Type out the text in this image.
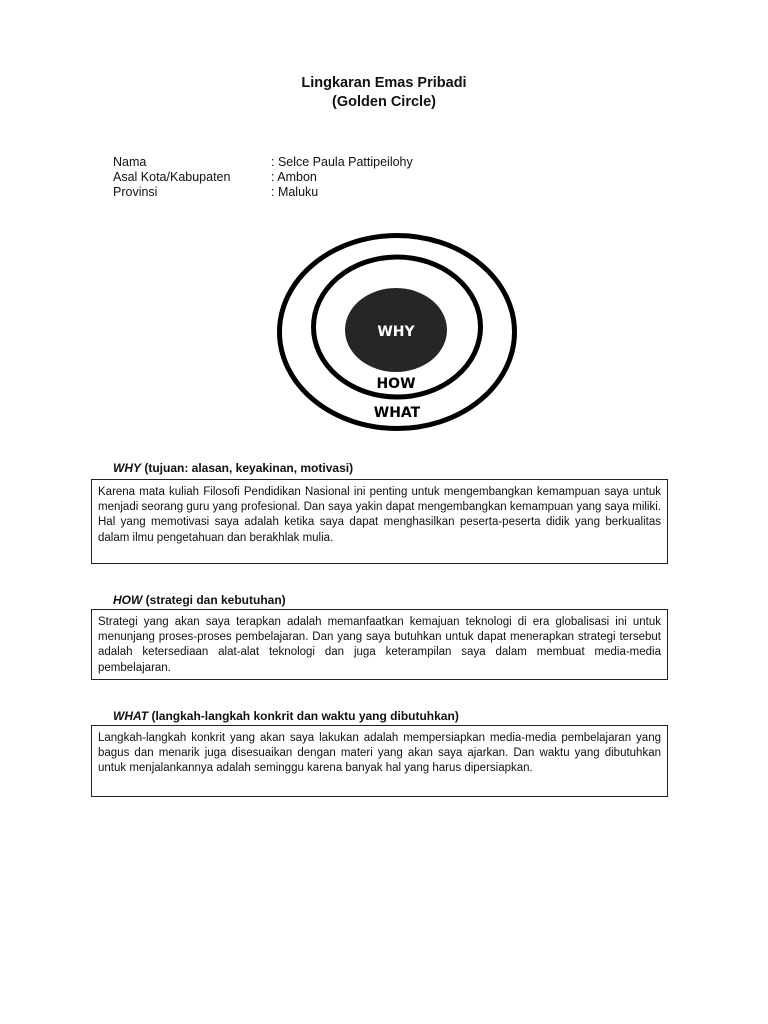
Lingkaran Emas Pribadi
(Golden Circle)
Nama	: Selce Paula Pattipeilohy
Asal Kota/Kabupaten	: Ambon
Provinsi	: Maluku
WHY
HOW
WHAT
WHY (tujuan: alasan, keyakinan, motivasi)
Karena mata kuliah Filosofi Pendidikan Nasional ini penting untuk mengembangkan kemampuan saya untuk menjadi seorang guru yang profesional. Dan saya yakin dapat mengembangkan kemampuan yang saya miliki. Hal yang memotivasi saya adalah ketika saya dapat menghasilkan peserta-peserta didik yang berkualitas dalam ilmu pengetahuan dan berakhlak mulia.
HOW (strategi dan kebutuhan)
Strategi yang akan saya terapkan adalah memanfaatkan kemajuan teknologi di era globalisasi ini untuk menunjang proses-proses pembelajaran. Dan yang saya butuhkan untuk dapat menerapkan strategi tersebut adalah ketersediaan alat-alat teknologi dan juga keterampilan saya dalam membuat media-media pembelajaran.
WHAT (langkah-langkah konkrit dan waktu yang dibutuhkan)
Langkah-langkah konkrit yang akan saya lakukan adalah mempersiapkan media-media pembelajaran yang bagus dan menarik juga disesuaikan dengan materi yang akan saya ajarkan. Dan waktu yang dibutuhkan untuk menjalankannya adalah seminggu karena banyak hal yang harus dipersiapkan.
